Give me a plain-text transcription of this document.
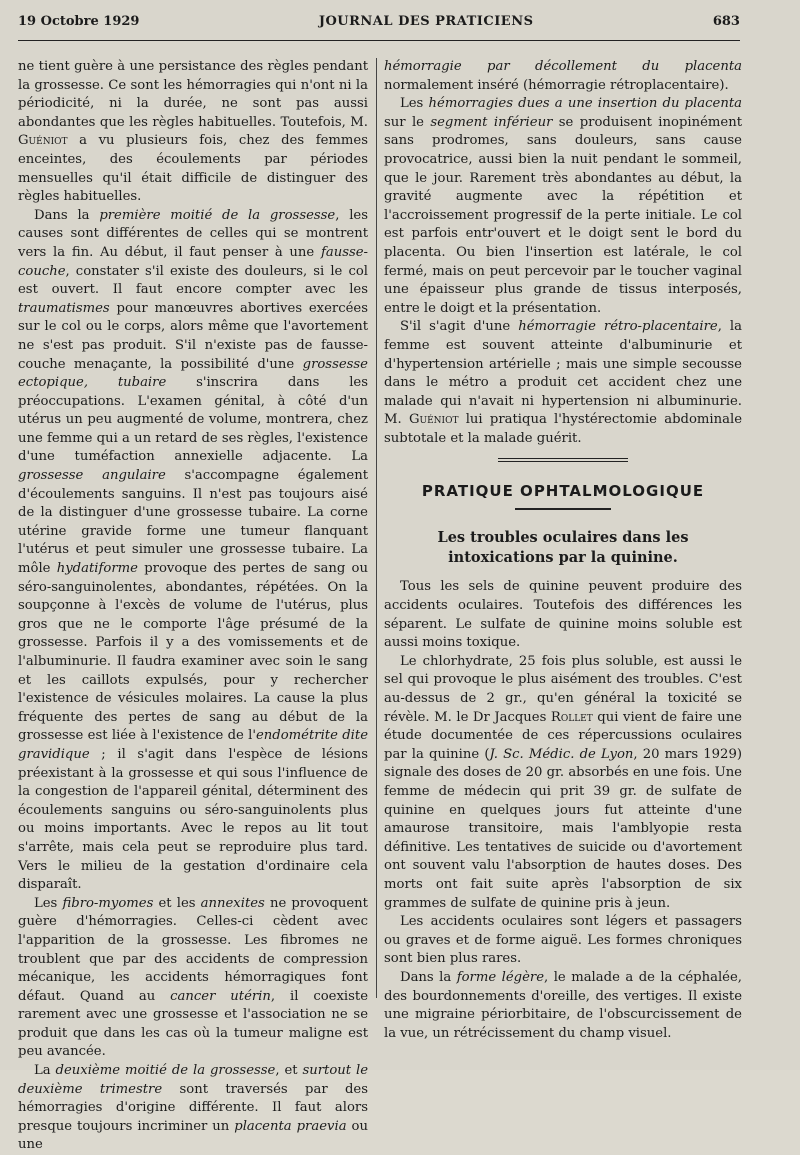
19 Octobre 1929	JOURNAL DES PRATICIENS	683

ne tient guère à une persistance des règles pendant la grossesse. Ce sont les hémorragies qui n'ont ni la périodicité, ni la durée, ne sont pas aussi abondantes que les règles habituelles. Toutefois, M. Guéniot a vu plusieurs fois, chez des femmes enceintes, des écoulements par périodes mensuelles qu'il était difficile de distinguer des règles habituelles.

Dans la première moitié de la grossesse, les causes sont différentes de celles qui se montrent vers la fin. Au début, il faut penser à une fausse-couche, constater s'il existe des douleurs, si le col est ouvert. Il faut encore compter avec les traumatismes pour manœuvres abortives exercées sur le col ou le corps, alors même que l'avortement ne s'est pas produit. S'il n'existe pas de fausse-couche menaçante, la possibilité d'une grossesse ectopique, tubaire s'inscrira dans les préoccupations. L'examen génital, à côté d'un utérus un peu augmenté de volume, montrera, chez une femme qui a un retard de ses règles, l'existence d'une tuméfaction annexielle adjacente. La grossesse angulaire s'accompagne également d'écoulements sanguins. Il n'est pas toujours aisé de la distinguer d'une grossesse tubaire. La corne utérine gravide forme une tumeur flanquant l'utérus et peut simuler une grossesse tubaire. La môle hydatiforme provoque des pertes de sang ou séro-sanguinolentes, abondantes, répétées. On la soupçonne à l'excès de volume de l'utérus, plus gros que ne le comporte l'âge présumé de la grossesse. Parfois il y a des vomissements et de l'albuminurie. Il faudra examiner avec soin le sang et les caillots expulsés, pour y rechercher l'existence de vésicules molaires. La cause la plus fréquente des pertes de sang au début de la grossesse est liée à l'existence de l'endométrite dite gravidique ; il s'agit dans l'espèce de lésions préexistant à la grossesse et qui sous l'influence de la congestion de l'appareil génital, déterminent des écoulements sanguins ou séro-sanguinolents plus ou moins importants. Avec le repos au lit tout s'arrête, mais cela peut se reproduire plus tard. Vers le milieu de la gestation d'ordinaire cela disparaît.

Les fibro-myomes et les annexites ne provoquent guère d'hémorragies. Celles-ci cèdent avec l'apparition de la grossesse. Les fibromes ne troublent que par des accidents de compression mécanique, les accidents hémorragiques font défaut. Quand au cancer utérin, il coexiste rarement avec une grossesse et l'association ne se produit que dans les cas où la tumeur maligne est peu avancée.

La deuxième moitié de la grossesse, et surtout le deuxième trimestre sont traversés par des hémorragies d'origine différente. Il faut alors presque toujours incriminer un placenta praevia ou une

hémorragie par décollement du placenta normalement inséré (hémorragie rétroplacentaire).

Les hémorragies dues a une insertion du placenta sur le segment inférieur se produisent inopinément sans prodromes, sans douleurs, sans cause provocatrice, aussi bien la nuit pendant le sommeil, que le jour. Rarement très abondantes au début, la gravité augmente avec la répétition et l'accroissement progressif de la perte initiale. Le col est parfois entr'ouvert et le doigt sent le bord du placenta. Ou bien l'insertion est latérale, le col fermé, mais on peut percevoir par le toucher vaginal une épaisseur plus grande de tissus interposés, entre le doigt et la présentation.

S'il s'agit d'une hémorragie rétro-placentaire, la femme est souvent atteinte d'albuminurie et d'hypertension artérielle ; mais une simple secousse dans le métro a produit cet accident chez une malade qui n'avait ni hypertension ni albuminurie. M. Guéniot lui pratiqua l'hystérectomie abdominale subtotale et la malade guérit.

PRATIQUE OPHTALMOLOGIQUE
Les troubles oculaires dans les intoxications par la quinine.

Tous les sels de quinine peuvent produire des accidents oculaires. Toutefois des différences les séparent. Le sulfate de quinine moins soluble est aussi moins toxique.

Le chlorhydrate, 25 fois plus soluble, est aussi le sel qui provoque le plus aisément des troubles. C'est au-dessus de 2 gr., qu'en général la toxicité se révèle. M. le Dr Jacques Rollet qui vient de faire une étude documentée de ces répercussions oculaires par la quinine (J. Sc. Médic. de Lyon, 20 mars 1929) signale des doses de 20 gr. absorbés en une fois. Une femme de médecin qui prit 39 gr. de sulfate de quinine en quelques jours fut atteinte d'une amaurose transitoire, mais l'amblyopie resta définitive. Les tentatives de suicide ou d'avortement ont souvent valu l'absorption de hautes doses. Des morts ont fait suite après l'absorption de six grammes de sulfate de quinine pris à jeun.

Les accidents oculaires sont légers et passagers ou graves et de forme aiguë. Les formes chroniques sont bien plus rares.

Dans la forme légère, le malade a de la céphalée, des bourdonnements d'oreille, des vertiges. Il existe une migraine périorbitaire, de l'obscurcissement de la vue, un rétrécissement du champ visuel.
